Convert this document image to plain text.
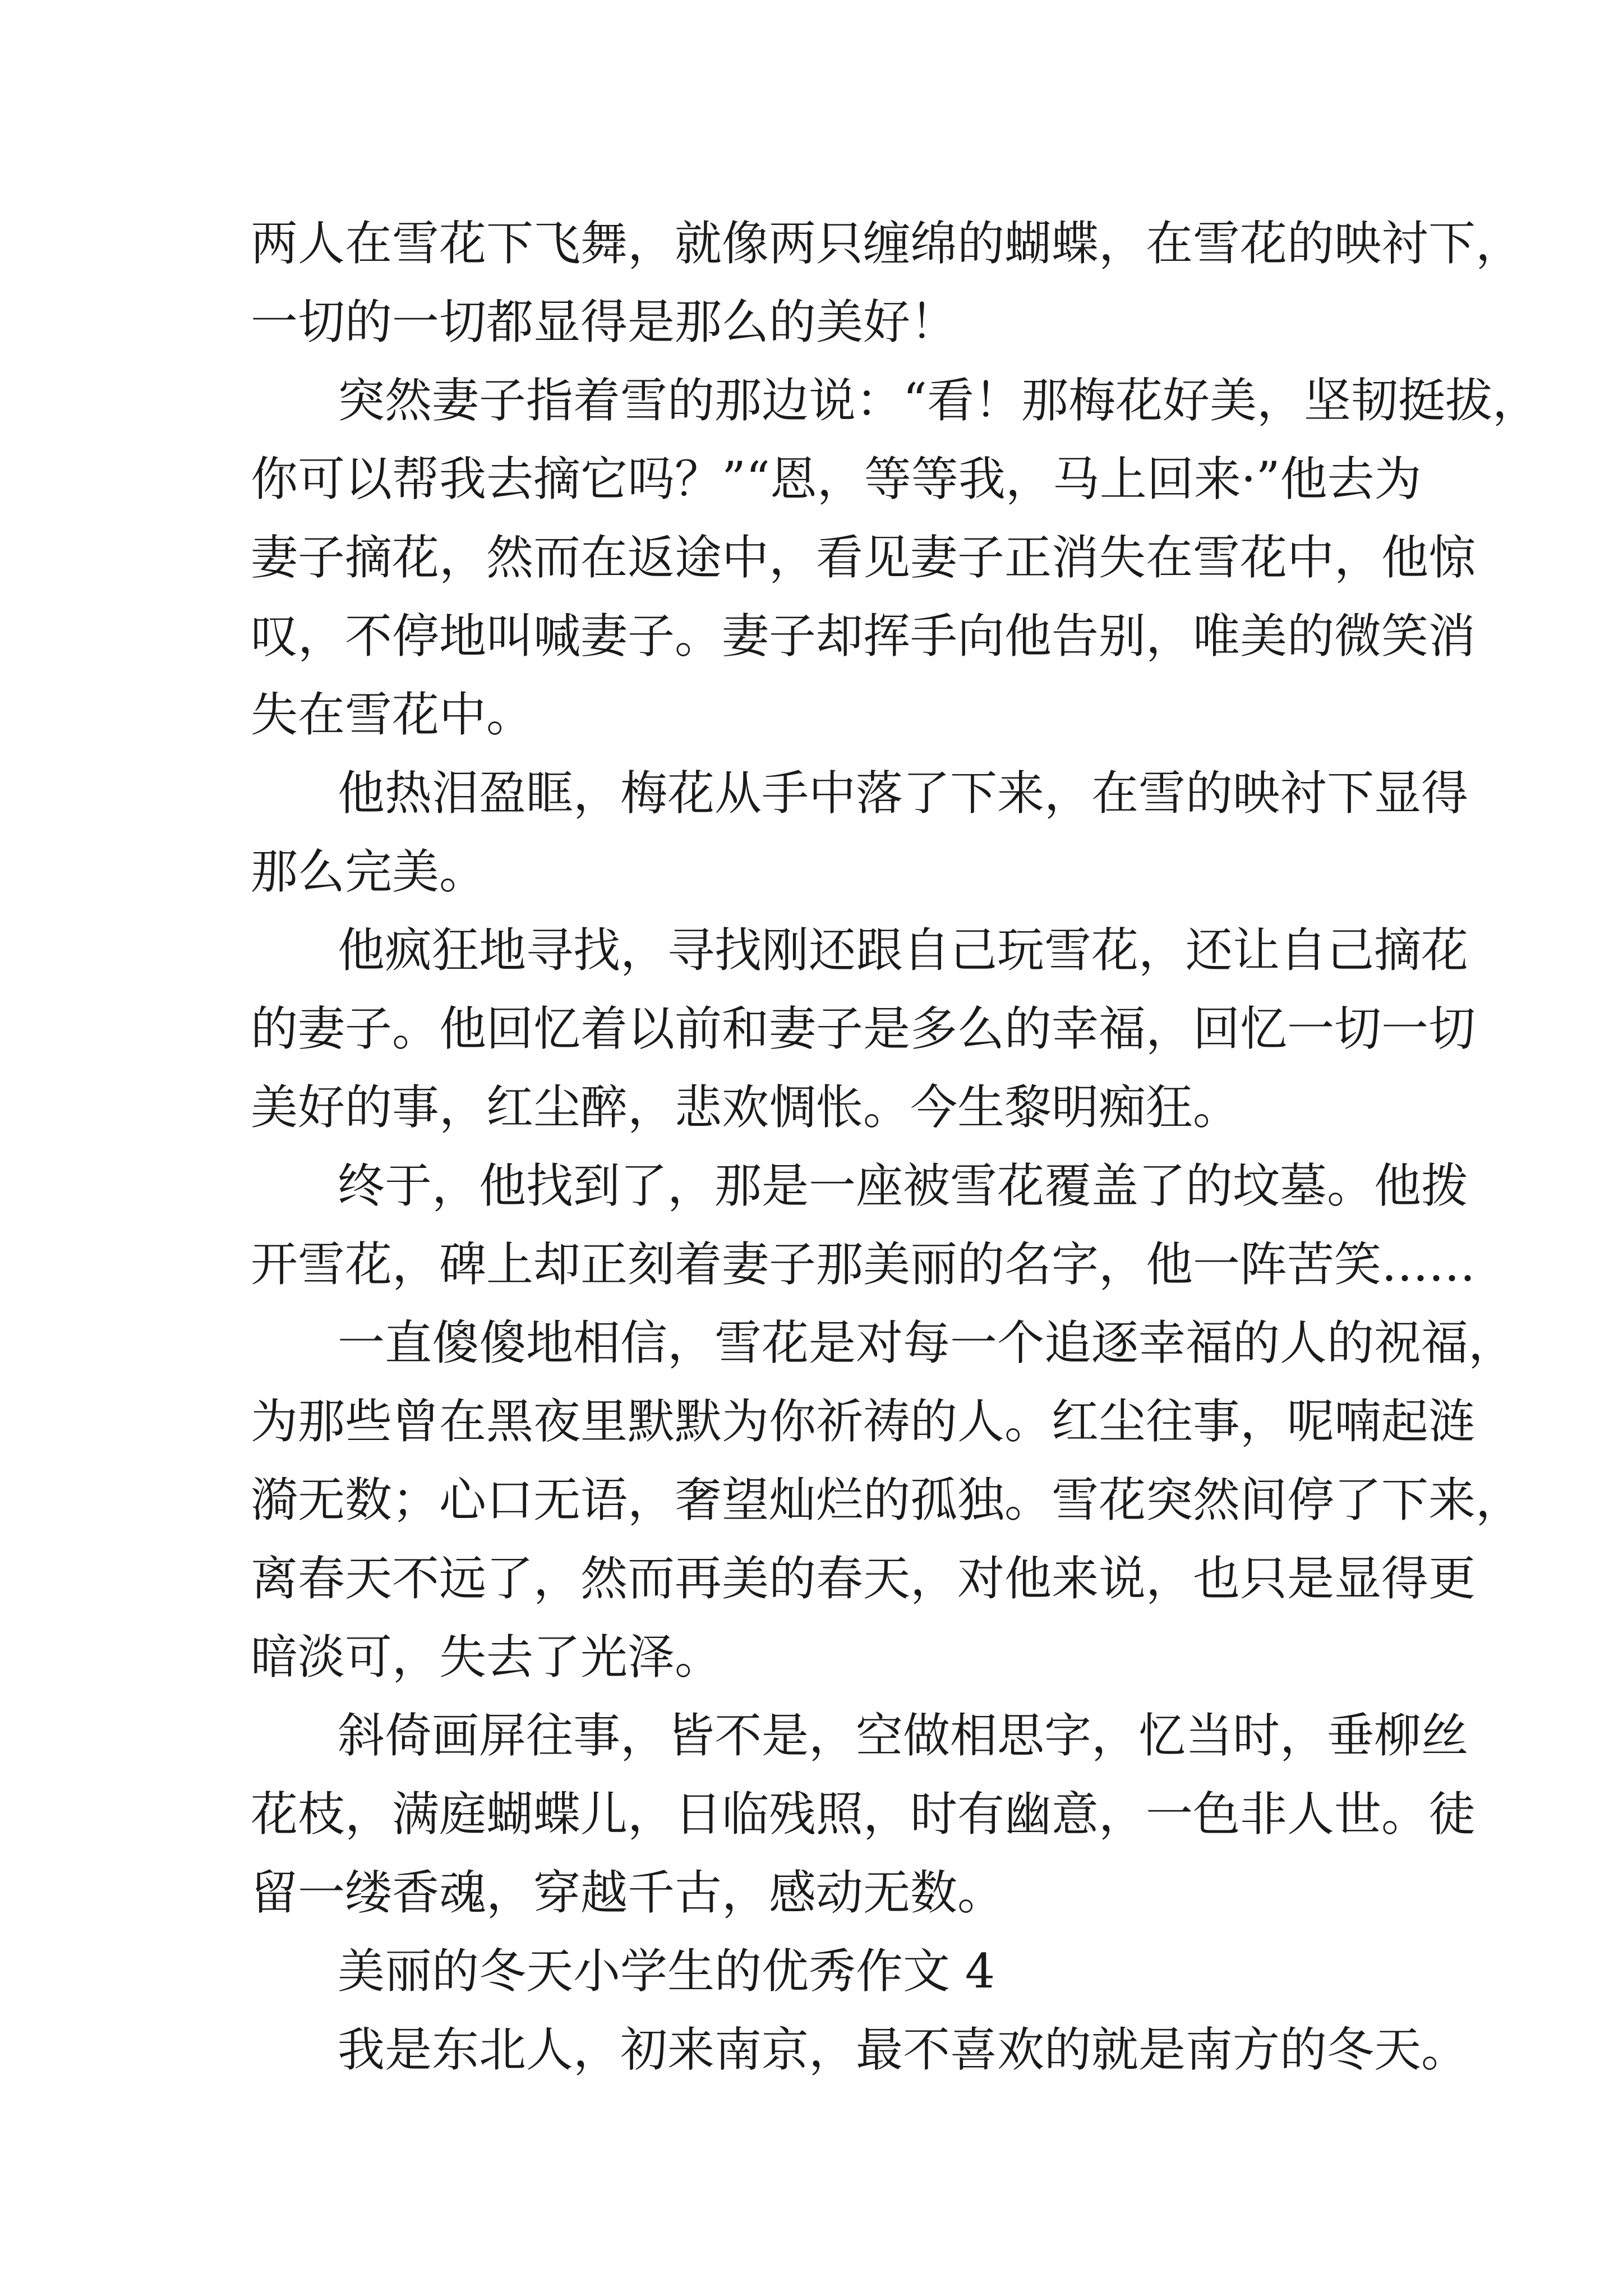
两人在雪花下飞舞，就像两只缠绵的蝴蝶，在雪花的映衬下，
一切的一切都显得是那么的美好！
突然妻子指着雪的那边说：“看！那梅花好美，坚韧挺拔，
你可以帮我去摘它吗？”“恩，等等我，马上回来·”他去为
妻子摘花，然而在返途中，看见妻子正消失在雪花中，他惊
叹，不停地叫喊妻子。妻子却挥手向他告别，唯美的微笑消
失在雪花中。
他热泪盈眶，梅花从手中落了下来，在雪的映衬下显得
那么完美。
他疯狂地寻找，寻找刚还跟自己玩雪花，还让自己摘花
的妻子。他回忆着以前和妻子是多么的幸福，回忆一切一切
美好的事，红尘醉，悲欢惆怅。今生黎明痴狂。
终于，他找到了，那是一座被雪花覆盖了的坟墓。他拨
开雪花，碑上却正刻着妻子那美丽的名字，他一阵苦笑……
一直傻傻地相信，雪花是对每一个追逐幸福的人的祝福，
为那些曾在黑夜里默默为你祈祷的人。红尘往事，呢喃起涟
漪无数；心口无语，奢望灿烂的孤独。雪花突然间停了下来，
离春天不远了，然而再美的春天，对他来说，也只是显得更
暗淡可，失去了光泽。
斜倚画屏往事，皆不是，空做相思字，忆当时，垂柳丝
花枝，满庭蝴蝶儿，日临残照，时有幽意，一色非人世。徒
留一缕香魂，穿越千古，感动无数。
美丽的冬天小学生的优秀作文 4
我是东北人，初来南京，最不喜欢的就是南方的冬天。
